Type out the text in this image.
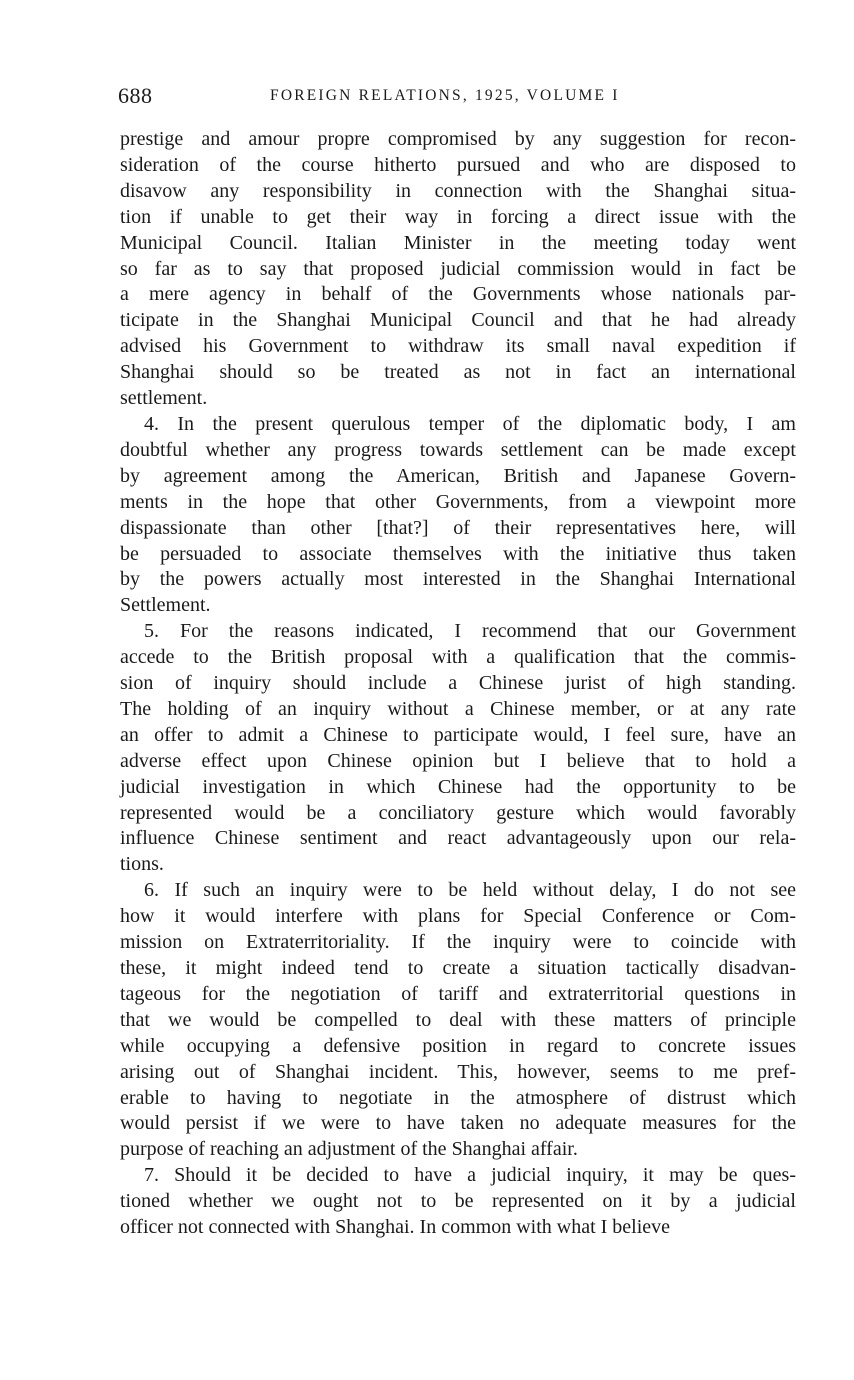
688	FOREIGN RELATIONS, 1925, VOLUME I
prestige and amour propre compromised by any suggestion for recon-
sideration of the course hitherto pursued and who are disposed to
disavow any responsibility in connection with the Shanghai situa-
tion if unable to get their way in forcing a direct issue with the
Municipal Council. Italian Minister in the meeting today went
so far as to say that proposed judicial commission would in fact be
a mere agency in behalf of the Governments whose nationals par-
ticipate in the Shanghai Municipal Council and that he had already
advised his Government to withdraw its small naval expedition if
Shanghai should so be treated as not in fact an international
settlement.
4. In the present querulous temper of the diplomatic body, I am
doubtful whether any progress towards settlement can be made except
by agreement among the American, British and Japanese Govern-
ments in the hope that other Governments, from a viewpoint more
dispassionate than other [that?] of their representatives here, will
be persuaded to associate themselves with the initiative thus taken
by the powers actually most interested in the Shanghai International
Settlement.
5. For the reasons indicated, I recommend that our Government
accede to the British proposal with a qualification that the commis-
sion of inquiry should include a Chinese jurist of high standing.
The holding of an inquiry without a Chinese member, or at any rate
an offer to admit a Chinese to participate would, I feel sure, have an
adverse effect upon Chinese opinion but I believe that to hold a
judicial investigation in which Chinese had the opportunity to be
represented would be a conciliatory gesture which would favorably
influence Chinese sentiment and react advantageously upon our rela-
tions.
6. If such an inquiry were to be held without delay, I do not see
how it would interfere with plans for Special Conference or Com-
mission on Extraterritoriality. If the inquiry were to coincide with
these, it might indeed tend to create a situation tactically disadvan-
tageous for the negotiation of tariff and extraterritorial questions in
that we would be compelled to deal with these matters of principle
while occupying a defensive position in regard to concrete issues
arising out of Shanghai incident. This, however, seems to me pref-
erable to having to negotiate in the atmosphere of distrust which
would persist if we were to have taken no adequate measures for the
purpose of reaching an adjustment of the Shanghai affair.
7. Should it be decided to have a judicial inquiry, it may be ques-
tioned whether we ought not to be represented on it by a judicial
officer not connected with Shanghai. In common with what I believe
